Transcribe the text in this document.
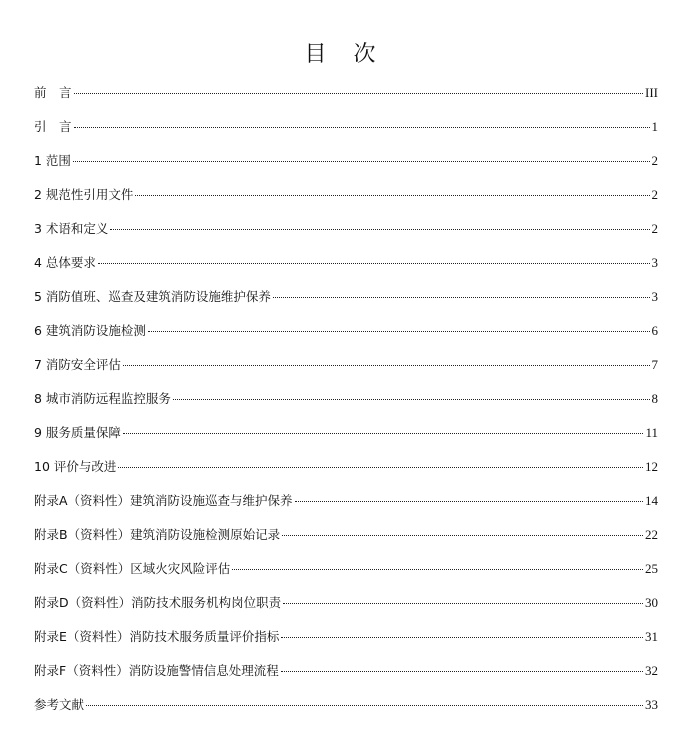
目 次
前　言	III
引　言	1
1 范围	2
2 规范性引用文件	2
3 术语和定义	2
4 总体要求	3
5 消防值班、巡查及建筑消防设施维护保养	3
6 建筑消防设施检测	6
7 消防安全评估	7
8 城市消防远程监控服务	8
9 服务质量保障	11
10 评价与改进	12
附录A（资料性）建筑消防设施巡查与维护保养	14
附录B（资料性）建筑消防设施检测原始记录	22
附录C（资料性）区域火灾风险评估	25
附录D（资料性）消防技术服务机构岗位职责	30
附录E（资料性）消防技术服务质量评价指标	31
附录F（资料性）消防设施警情信息处理流程	32
参考文献	33
